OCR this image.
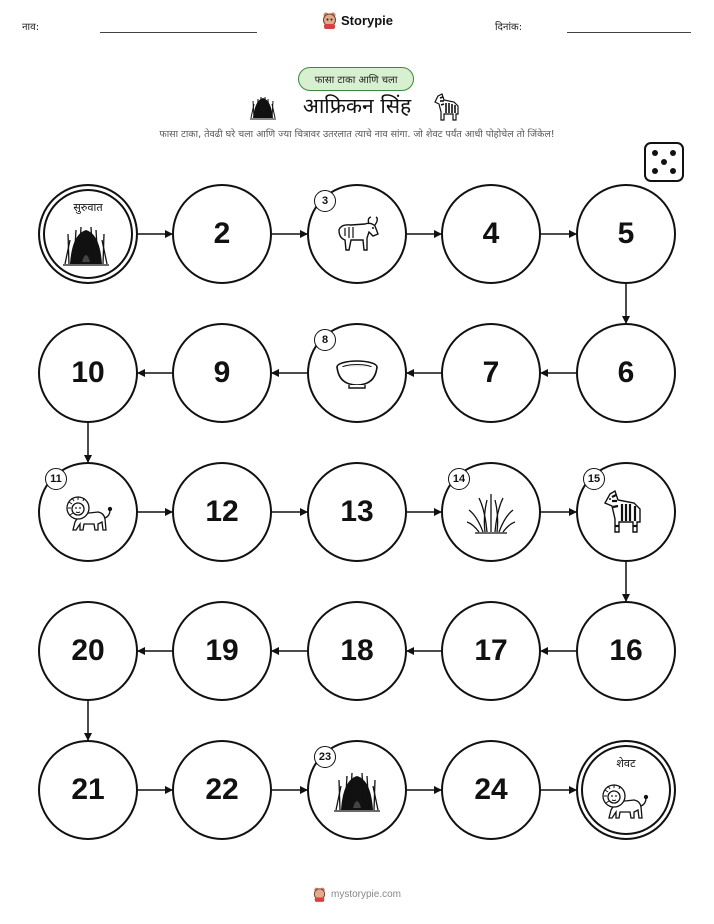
नाव:	Storypie	दिनांक:
फासा टाका आणि चला
आफ्रिकन सिंह
फासा टाका, तेवढी घरे चला आणि ज्या चित्रावर उतरलात त्याचे नाव सांगा. जो शेवट पर्यंत आधी पोहोचेल तो जिंकेल!
सुरुवात
2
3
4	5
6
7
8
9
10
11
12	13
14	15
16
17
18
19
20
21	22
23
24
शेवट
mystorypie.com
